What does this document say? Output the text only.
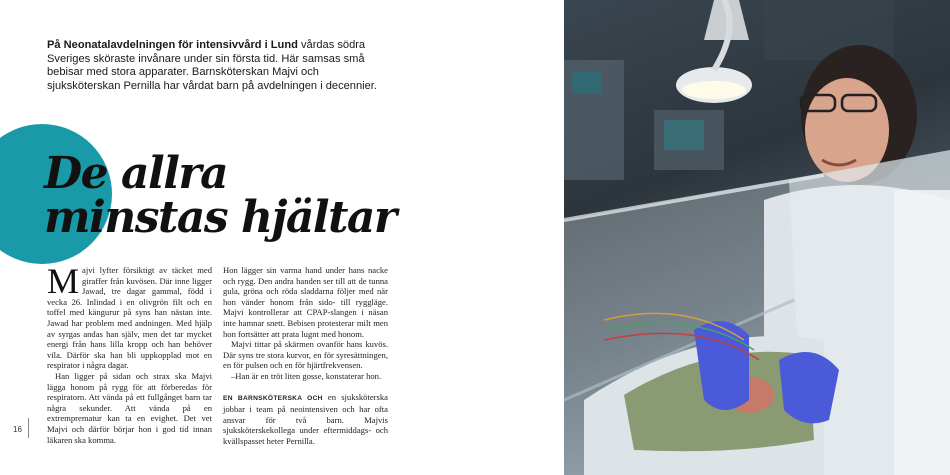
På Neonatalavdelningen för intensivvård i Lund vårdas södra Sveriges sköraste invånare under sin första tid. Här samsas små bebisar med stora apparater. Barnsköterskan Majvi och sjuksköterskan Pernilla har vårdat barn på avdelningen i decennier.

De allra
minstas hjältar

Majvi lyfter försiktigt av täcket med giraffer från kuvösen. Där inne ligger Jawad, tre dagar gammal, född i vecka 26. Inlindad i en olivgrön filt och en toffel med kängurur på syns han nästan inte. Jawad har problem med andningen. Med hjälp av syrgas andas han själv, men det tar mycket energi från hans lilla kropp och han behöver vila. Därför ska han bli uppkopplad mot en respirator i några dagar.

Han ligger på sidan och strax ska Majvi lägga honom på rygg för att förberedas för respiratorn. Att vända på ett fullgånget barn tar några sekunder. Att vända på en extremprematur kan ta en evighet. Det vet Majvi och därför börjar hon i god tid innan läkaren ska komma.

Hon lägger sin varma hand under hans nacke och rygg. Den andra handen ser till att de tunna gula, gröna och röda sladdarna följer med när hon vänder honom från sido- till ryggläge. Majvi kontrollerar att CPAP-slangen i näsan inte hamnar snett. Bebisen protesterar milt men hon fortsätter att prata lugnt med honom.

Majvi tittar på skärmen ovanför hans kuvös. Där syns tre stora kurvor, en för syresättningen, en för pulsen och en för hjärtfrekvensen.

–Han är en tröt liten gosse, konstaterar hon.

EN BARNSKÖTERSKA OCH en sjuksköterska jobbar i team på neointensiven och har ofta ansvar för två barn. Majvis sjuksköterskekollega under eftermiddags- och kvällspasset heter Pernilla.

16
